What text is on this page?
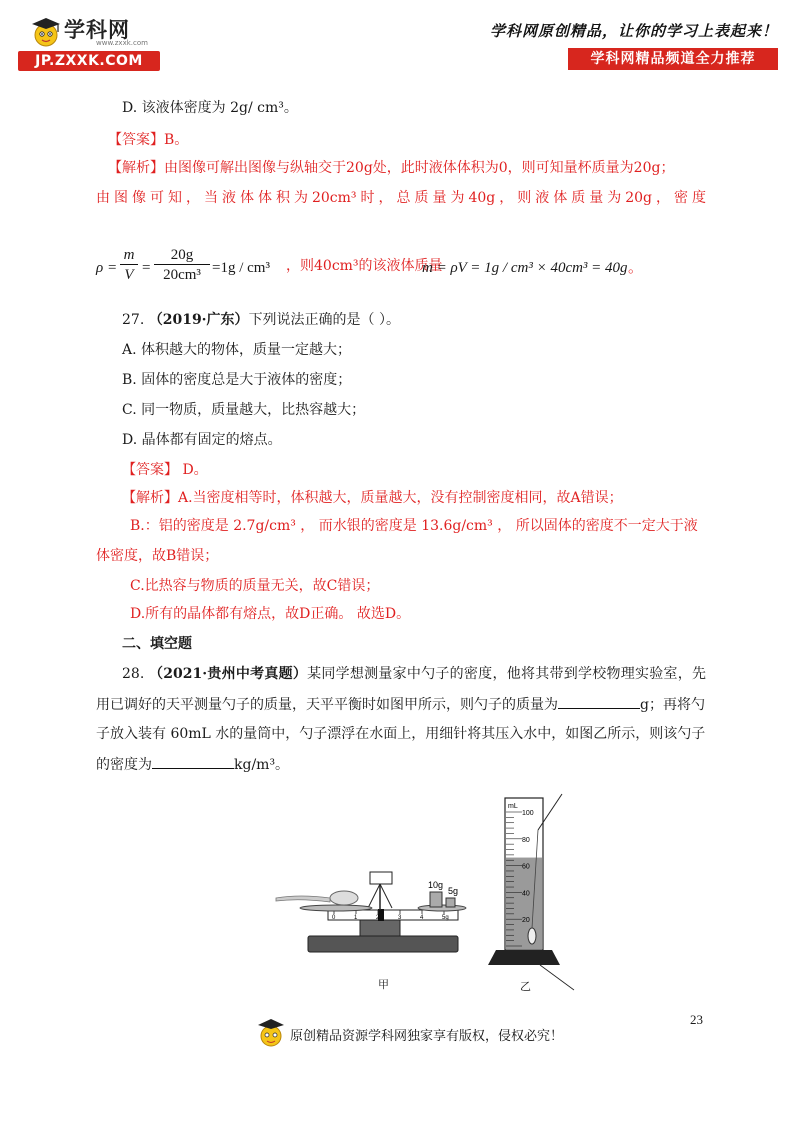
学科网
www.zxxk.com
JP.ZXXK.COM
学科网原创精品，让你的学习上表起来！
学科网精品频道全力推荐
D. 该液体密度为 2g/ cm³。
【答案】B。
【解析】由图像可解出图像与纵轴交于20g处，此时液体体积为0，则可知量杯质量为20g；
由图像可知，当液体体积为20cm³时，总质量为40g，则液体质量为20g，密度
$\rho = \frac{m}{V} = \frac{20g}{\text{20cm³}} =1g / cm^3$ ，则40cm³的该液体质量
m = ρV = 1g / cm³ × 40cm³ = 40g 。
27. （2019·广东）下列说法正确的是（ ）。
A. 体积越大的物体，质量一定越大；
B. 固体的密度总是大于液体的密度；
C. 同一物质，质量越大，比热容越大；
D. 晶体都有固定的熔点。
【答案】 D。
【解析】A.当密度相等时，体积越大，质量越大，没有控制密度相同，故A错误；
B.：铝的密度是 2.7g/cm³ ， 而水银的密度是 13.6g/cm³ ， 所以固体的密度不一定大于液
体密度，故B错误；
C.比热容与物质的质量无关，故C错误；
D.所有的晶体都有熔点，故D正确。 故选D。
二、填空题
28. （2021·贵州中考真题）某同学想测量家中勺子的密度，他将其带到学校物理实验室，先
用已调好的天平测量勺子的质量，天平平衡时如图甲所示，则勺子的质量为	g；再将勺
子放入装有 60mL 水的量筒中，勺子漂浮在水面上，用细针将其压入水中，如图乙所示，则该勺子
的密度为	kg/m³。
0	1	2	3	4	5g
10g
5g
mL
100
80
60
40
20
甲	乙
23
原创精品资源学科网独家享有版权，侵权必究！
